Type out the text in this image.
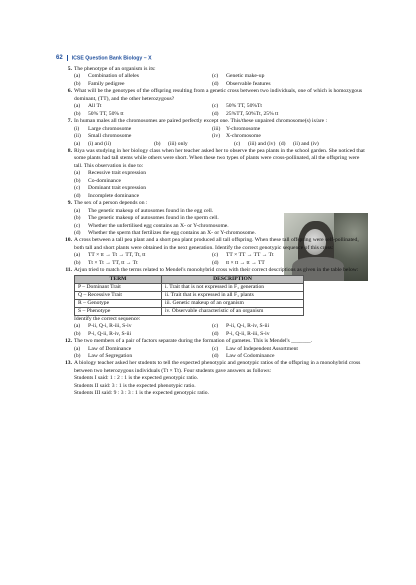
62 ICSE Question Bank Biology – X
5. The phenotype of an organism is its:
(a)	Combination of alleles	(c)	Genetic make-up
(b)	Family pedigree	(d)	Observable features
6. What will be the genotypes of the offspring resulting from a genetic cross between two individuals, one of which is homozygous dominant, (TT), and the other heterozygous?
(a)	All Tt	(c)	50% TT, 50%Tt
(b)	50% TT, 50% tt	(d)	25%TT, 50%Tt, 25% tt
7. In human males all the chromosomes are paired perfectly except one. This/these unpaired chromosome(s) is/are :
(i)	Large chromosome	(iii)	Y-chromosome
(ii)	Small chromosome	(iv)	X-chromosome
(a)	(i) and (ii)	(b)	(iii) only	(c)	(iii) and (iv) (d)	(ii) and (iv)
8. Riya was studying in her biology class when her teacher asked her to observe the pea plants in the school garden. She noticed that some plants had tall stems while others were short. When these two types of plants were cross-pollinated, all the offspring were tall. This observation is due to:
(a)	Recessive trait expression
(b)	Co-dominance
(c)	Dominant trait expression
(d)	Incomplete dominance
9. The sex of a person depends on :
(a)	The genetic makeup of autosomes found in the egg cell.
(b)	The genetic makeup of autosomes found in the sperm cell.
(c)	Whether the unfertilised egg contains an X- or Y-chromosome.
(d)	Whether the sperm that fertilizes the egg contains an X- or Y-chromosome.
10. A cross between a tall pea plant and a short pea plant produced all tall offspring. When these tall offspring were self-pollinated, both tall and short plants were obtained in the next generation. Identify the correct genotypic sequence of this cross:
(a)	TT × tt → Tt → TT, Tt, tt	(c)	TT × TT → TT → Tt
(b)	Tt × Tt → TT, tt → Tt	(d)	tt × tt → tt → TT
11. Arjun tried to match the terms related to Mendel's monohybrid cross with their correct descriptions as given in the table below:
TERM	DESCRIPTION
P – Dominant Trait	i. Trait that is not expressed in F₁ generation
Q – Recessive Trait	ii. Trait that is expressed in all F₁ plants
R – Genotype	iii. Genetic makeup of an organism
S – Phenotype	iv. Observable characteristic of an organism
Identify the correct sequence:
(a)	P-ii, Q-i, R-iii, S-iv	(c)	P-ii, Q-i, R-iv, S-iii
(b)	P-i, Q-ii, R-iv, S-iii	(d)	P-i, Q-ii, R-iii, S-iv
12. The two members of a pair of factors separate during the formation of gametes. This is Mendel's _______.
(a)	Law of Dominance	(c)	Law of Independent Assortment
(b)	Law of Segregation	(d)	Law of Codominance
13. A biology teacher asked her students to tell the expected phenotypic and genotypic ratios of the offspring in a monohybrid cross between two heterozygous individuals (Tt × Tt). Four students gave answers as follows:
Students I said: 1 : 2 : 1 is the expected genotypic ratio.
Students II said: 3 : 1 is the expected phenotypic ratio.
Students III said: 9 : 3 : 3 : 1 is the expected genotypic ratio.
